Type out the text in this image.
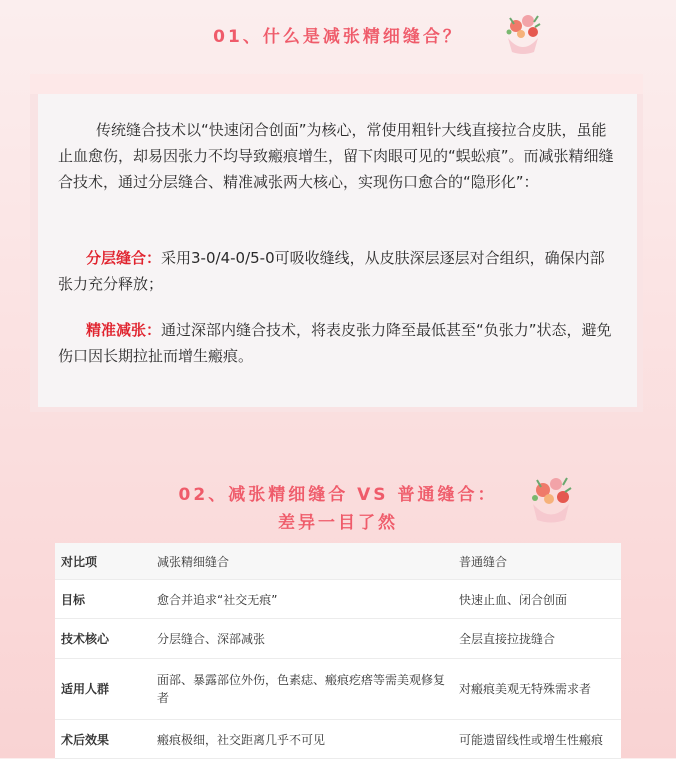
01、什么是减张精细缝合？

传统缝合技术以“快速闭合创面”为核心，常使用粗针大线直接拉合皮肤，虽能止血愈伤，却易因张力不均导致瘢痕增生，留下肉眼可见的“蜈蚣痕”。而减张精细缝合技术，通过分层缝合、精准减张两大核心，实现伤口愈合的“隐形化”：

分层缝合：采用3-0/4-0/5-0可吸收缝线，从皮肤深层逐层对合组织，确保内部张力充分释放；

精准减张：通过深部内缝合技术，将表皮张力降至最低甚至“负张力”状态，避免伤口因长期拉扯而增生瘢痕。

02、减张精细缝合 VS 普通缝合：
差异一目了然
对比项	减张精细缝合	普通缝合
目标	愈合并追求“社交无痕”	快速止血、闭合创面
技术核心	分层缝合、深部减张	全层直接拉拢缝合
适用人群	面部、暴露部位外伤，色素痣、瘢痕疙瘩等需美观修复者	对瘢痕美观无特殊需求者
术后效果	瘢痕极细，社交距离几乎不可见	可能遗留线性或增生性瘢痕
